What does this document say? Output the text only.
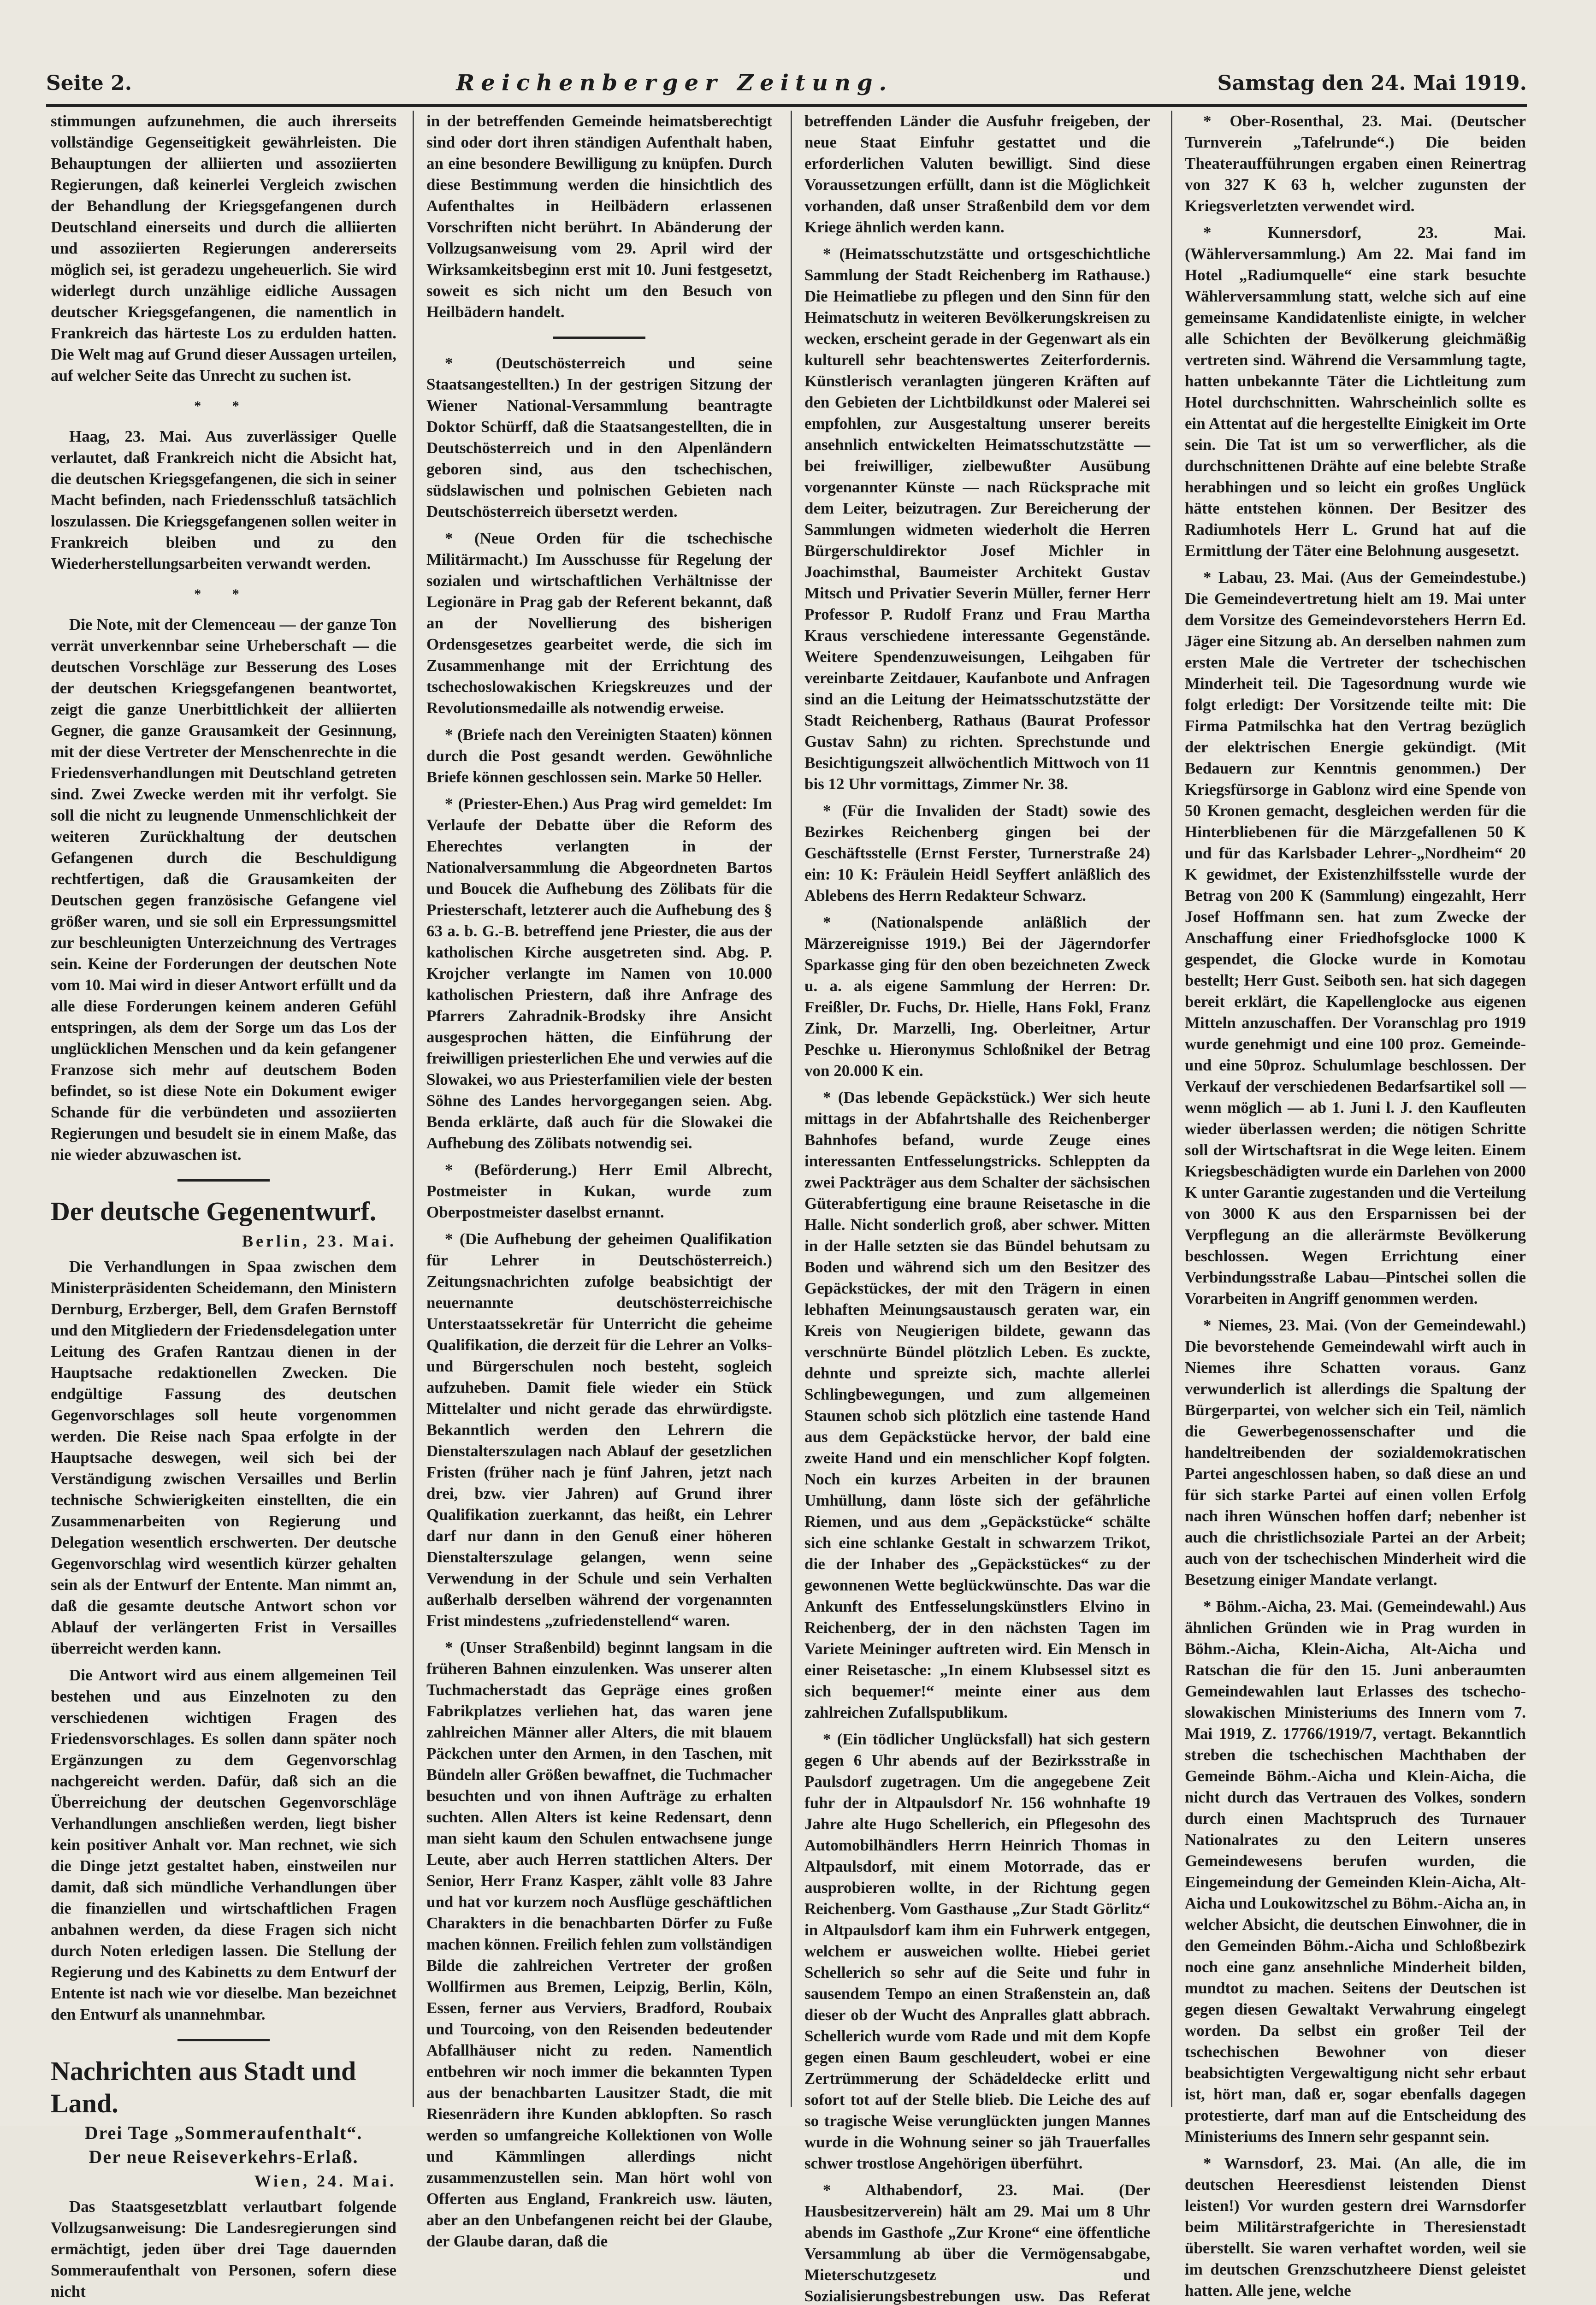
Seite 2.	Reichenberger Zeitung.	Samstag den 24. Mai 1919.

stimmungen aufzunehmen, die auch ihrerseits vollständige Gegenseitigkeit gewährleisten. Die Behauptungen der alliierten und assoziierten Regierungen, daß keinerlei Vergleich zwischen der Behandlung der Kriegsgefangenen durch Deutschland einerseits und durch die alliierten und assoziierten Regierungen andererseits möglich sei, ist geradezu ungeheuerlich. Sie wird widerlegt durch unzählige eidliche Aussagen deutscher Kriegsgefangenen, die namentlich in Frankreich das härteste Los zu erdulden hatten. Die Welt mag auf Grund dieser Aussagen urteilen, auf welcher Seite das Unrecht zu suchen ist.

* *

Haag, 23. Mai. Aus zuverlässiger Quelle verlautet, daß Frankreich nicht die Absicht hat, die deutschen Kriegsgefangenen, die sich in seiner Macht befinden, nach Friedensschluß tatsächlich loszulassen. Die Kriegsgefangenen sollen weiter in Frankreich bleiben und zu den Wiederherstellungsarbeiten verwandt werden.

* *

Die Note, mit der Clemenceau — der ganze Ton verrät unverkennbar seine Urheberschaft — die deutschen Vorschläge zur Besserung des Loses der deutschen Kriegsgefangenen beantwortet, zeigt die ganze Unerbittlichkeit der alliierten Gegner, die ganze Grausamkeit der Gesinnung, mit der diese Vertreter der Menschenrechte in die Friedensverhandlungen mit Deutschland getreten sind. Zwei Zwecke werden mit ihr verfolgt. Sie soll die nicht zu leugnende Unmenschlichkeit der weiteren Zurückhaltung der deutschen Gefangenen durch die Beschuldigung rechtfertigen, daß die Grausamkeiten der Deutschen gegen französische Gefangene viel größer waren, und sie soll ein Erpressungsmittel zur beschleunigten Unterzeichnung des Vertrages sein. Keine der Forderungen der deutschen Note vom 10. Mai wird in dieser Antwort erfüllt und da alle diese Forderungen keinem anderen Gefühl entspringen, als dem der Sorge um das Los der unglücklichen Menschen und da kein gefangener Franzose sich mehr auf deutschem Boden befindet, so ist diese Note ein Dokument ewiger Schande für die verbündeten und assoziierten Regierungen und besudelt sie in einem Maße, das nie wieder abzuwaschen ist.

Der deutsche Gegenentwurf.
Berlin, 23. Mai.

Die Verhandlungen in Spaa zwischen dem Ministerpräsidenten Scheidemann, den Ministern Dernburg, Erzberger, Bell, dem Grafen Bernstoff und den Mitgliedern der Friedensdelegation unter Leitung des Grafen Rantzau dienen in der Hauptsache redaktionellen Zwecken. Die endgültige Fassung des deutschen Gegenvorschlages soll heute vorgenommen werden. Die Reise nach Spaa erfolgte in der Hauptsache deswegen, weil sich bei der Verständigung zwischen Versailles und Berlin technische Schwierigkeiten einstellten, die ein Zusammenarbeiten von Regierung und Delegation wesentlich erschwerten. Der deutsche Gegenvorschlag wird wesentlich kürzer gehalten sein als der Entwurf der Entente. Man nimmt an, daß die gesamte deutsche Antwort schon vor Ablauf der verlängerten Frist in Versailles überreicht werden kann.

Die Antwort wird aus einem allgemeinen Teil bestehen und aus Einzelnoten zu den verschiedenen wichtigen Fragen des Friedensvorschlages. Es sollen dann später noch Ergänzungen zu dem Gegenvorschlag nachgereicht werden. Dafür, daß sich an die Überreichung der deutschen Gegenvorschläge Verhandlungen anschließen werden, liegt bisher kein positiver Anhalt vor. Man rechnet, wie sich die Dinge jetzt gestaltet haben, einstweilen nur damit, daß sich mündliche Verhandlungen über die finanziellen und wirtschaftlichen Fragen anbahnen werden, da diese Fragen sich nicht durch Noten erledigen lassen. Die Stellung der Regierung und des Kabinetts zu dem Entwurf der Entente ist nach wie vor dieselbe. Man bezeichnet den Entwurf als unannehmbar.

Nachrichten aus Stadt und Land.
Drei Tage „Sommeraufenthalt“.
Der neue Reiseverkehrs-Erlaß.
Wien, 24. Mai.

Das Staatsgesetzblatt verlautbart folgende Vollzugsanweisung: Die Landesregierungen sind ermächtigt, jeden über drei Tage dauernden Sommeraufenthalt von Personen, sofern diese nicht

in der betreffenden Gemeinde heimatsberechtigt sind oder dort ihren ständigen Aufenthalt haben, an eine besondere Bewilligung zu knüpfen. Durch diese Bestimmung werden die hinsichtlich des Aufenthaltes in Heilbädern erlassenen Vorschriften nicht berührt. In Abänderung der Vollzugsanweisung vom 29. April wird der Wirksamkeitsbeginn erst mit 10. Juni festgesetzt, soweit es sich nicht um den Besuch von Heilbädern handelt.

* (Deutschösterreich und seine Staatsangestellten.) In der gestrigen Sitzung der Wiener National-Versammlung beantragte Doktor Schürff, daß die Staatsangestellten, die in Deutschösterreich und in den Alpenländern geboren sind, aus den tschechischen, südslawischen und polnischen Gebieten nach Deutschösterreich übersetzt werden.

* (Neue Orden für die tschechische Militärmacht.) Im Ausschusse für Regelung der sozialen und wirtschaftlichen Verhältnisse der Legionäre in Prag gab der Referent bekannt, daß an der Novellierung des bisherigen Ordensgesetzes gearbeitet werde, die sich im Zusammenhange mit der Errichtung des tschechoslowakischen Kriegskreuzes und der Revolutionsmedaille als notwendig erweise.

* (Briefe nach den Vereinigten Staaten) können durch die Post gesandt werden. Gewöhnliche Briefe können geschlossen sein. Marke 50 Heller.

* (Priester-Ehen.) Aus Prag wird gemeldet: Im Verlaufe der Debatte über die Reform des Eherechtes verlangten in der Nationalversammlung die Abgeordneten Bartos und Boucek die Aufhebung des Zölibats für die Priesterschaft, letzterer auch die Aufhebung des § 63 a. b. G.-B. betreffend jene Priester, die aus der katholischen Kirche ausgetreten sind. Abg. P. Krojcher verlangte im Namen von 10.000 katholischen Priestern, daß ihre Anfrage des Pfarrers Zahradnik-Brodsky ihre Ansicht ausgesprochen hätten, die Einführung der freiwilligen priesterlichen Ehe und verwies auf die Slowakei, wo aus Priesterfamilien viele der besten Söhne des Landes hervorgegangen seien. Abg. Benda erklärte, daß auch für die Slowakei die Aufhebung des Zölibats notwendig sei.

* (Beförderung.) Herr Emil Albrecht, Postmeister in Kukan, wurde zum Oberpostmeister daselbst ernannt.

* (Die Aufhebung der geheimen Qualifikation für Lehrer in Deutschösterreich.) Zeitungsnachrichten zufolge beabsichtigt der neuernannte deutschösterreichische Unterstaatssekretär für Unterricht die geheime Qualifikation, die derzeit für die Lehrer an Volks- und Bürgerschulen noch besteht, sogleich aufzuheben. Damit fiele wieder ein Stück Mittelalter und nicht gerade das ehrwürdigste. Bekanntlich werden den Lehrern die Dienstalterszulagen nach Ablauf der gesetzlichen Fristen (früher nach je fünf Jahren, jetzt nach drei, bzw. vier Jahren) auf Grund ihrer Qualifikation zuerkannt, das heißt, ein Lehrer darf nur dann in den Genuß einer höheren Dienstalterszulage gelangen, wenn seine Verwendung in der Schule und sein Verhalten außerhalb derselben während der vorgenannten Frist mindestens „zufriedenstellend“ waren.

* (Unser Straßenbild) beginnt langsam in die früheren Bahnen einzulenken. Was unserer alten Tuchmacherstadt das Gepräge eines großen Fabrikplatzes verliehen hat, das waren jene zahlreichen Männer aller Alters, die mit blauem Päckchen unter den Armen, in den Taschen, mit Bündeln aller Größen bewaffnet, die Tuchmacher besuchten und von ihnen Aufträge zu erhalten suchten. Allen Alters ist keine Redensart, denn man sieht kaum den Schulen entwachsene junge Leute, aber auch Herren stattlichen Alters. Der Senior, Herr Franz Kasper, zählt volle 83 Jahre und hat vor kurzem noch Ausflüge geschäftlichen Charakters in die benachbarten Dörfer zu Fuße machen können. Freilich fehlen zum vollständigen Bilde die zahlreichen Vertreter der großen Wollfirmen aus Bremen, Leipzig, Berlin, Köln, Essen, ferner aus Verviers, Bradford, Roubaix und Tourcoing, von den Reisenden bedeutender Abfallhäuser nicht zu reden. Namentlich entbehren wir noch immer die bekannten Typen aus der benachbarten Lausitzer Stadt, die mit Riesenrädern ihre Kunden abklopften. So rasch werden so umfangreiche Kollektionen von Wolle und Kämmlingen allerdings nicht zusammenzustellen sein. Man hört wohl von Offerten aus England, Frankreich usw. läuten, aber an den Unbefangenen reicht bei der Glaube, der Glaube daran, daß die

betreffenden Länder die Ausfuhr freigeben, der neue Staat Einfuhr gestattet und die erforderlichen Valuten bewilligt. Sind diese Voraussetzungen erfüllt, dann ist die Möglichkeit vorhanden, daß unser Straßenbild dem vor dem Kriege ähnlich werden kann.

* (Heimatsschutzstätte und ortsgeschichtliche Sammlung der Stadt Reichenberg im Rathause.) Die Heimatliebe zu pflegen und den Sinn für den Heimatschutz in weiteren Bevölkerungskreisen zu wecken, erscheint gerade in der Gegenwart als ein kulturell sehr beachtenswertes Zeiterfordernis. Künstlerisch veranlagten jüngeren Kräften auf den Gebieten der Lichtbildkunst oder Malerei sei empfohlen, zur Ausgestaltung unserer bereits ansehnlich entwickelten Heimatsschutzstätte — bei freiwilliger, zielbewußter Ausübung vorgenannter Künste — nach Rücksprache mit dem Leiter, beizutragen. Zur Bereicherung der Sammlungen widmeten wiederholt die Herren Bürgerschuldirektor Josef Michler in Joachimsthal, Baumeister Architekt Gustav Mitsch und Privatier Severin Müller, ferner Herr Professor P. Rudolf Franz und Frau Martha Kraus verschiedene interessante Gegenstände. Weitere Spendenzuweisungen, Leihgaben für vereinbarte Zeitdauer, Kaufanbote und Anfragen sind an die Leitung der Heimatsschutzstätte der Stadt Reichenberg, Rathaus (Baurat Professor Gustav Sahn) zu richten. Sprechstunde und Besichtigungszeit allwöchentlich Mittwoch von 11 bis 12 Uhr vormittags, Zimmer Nr. 38.

* (Für die Invaliden der Stadt) sowie des Bezirkes Reichenberg gingen bei der Geschäftsstelle (Ernst Ferster, Turnerstraße 24) ein: 10 K: Fräulein Heidl Seyffert anläßlich des Ablebens des Herrn Redakteur Schwarz.

* (Nationalspende anläßlich der Märzereignisse 1919.) Bei der Jägerndorfer Sparkasse ging für den oben bezeichneten Zweck u. a. als eigene Sammlung der Herren: Dr. Freißler, Dr. Fuchs, Dr. Hielle, Hans Fokl, Franz Zink, Dr. Marzelli, Ing. Oberleitner, Artur Peschke u. Hieronymus Schloßnikel der Betrag von 20.000 K ein.

* (Das lebende Gepäckstück.) Wer sich heute mittags in der Abfahrtshalle des Reichenberger Bahnhofes befand, wurde Zeuge eines interessanten Entfesselungstricks. Schleppten da zwei Packträger aus dem Schalter der sächsischen Güterabfertigung eine braune Reisetasche in die Halle. Nicht sonderlich groß, aber schwer. Mitten in der Halle setzten sie das Bündel behutsam zu Boden und während sich um den Besitzer des Gepäckstückes, der mit den Trägern in einen lebhaften Meinungsaustausch geraten war, ein Kreis von Neugierigen bildete, gewann das verschnürte Bündel plötzlich Leben. Es zuckte, dehnte und spreizte sich, machte allerlei Schlingbewegungen, und zum allgemeinen Staunen schob sich plötzlich eine tastende Hand aus dem Gepäckstücke hervor, der bald eine zweite Hand und ein menschlicher Kopf folgten. Noch ein kurzes Arbeiten in der braunen Umhüllung, dann löste sich der gefährliche Riemen, und aus dem „Gepäckstücke“ schälte sich eine schlanke Gestalt in schwarzem Trikot, die der Inhaber des „Gepäckstückes“ zu der gewonnenen Wette beglückwünschte. Das war die Ankunft des Entfesselungskünstlers Elvino in Reichenberg, der in den nächsten Tagen im Variete Meininger auftreten wird. Ein Mensch in einer Reisetasche: „In einem Klubsessel sitzt es sich bequemer!“ meinte einer aus dem zahlreichen Zufallspublikum.

* (Ein tödlicher Unglücksfall) hat sich gestern gegen 6 Uhr abends auf der Bezirksstraße in Paulsdorf zugetragen. Um die angegebene Zeit fuhr der in Altpaulsdorf Nr. 156 wohnhafte 19 Jahre alte Hugo Schellerich, ein Pflegesohn des Automobilhändlers Herrn Heinrich Thomas in Altpaulsdorf, mit einem Motorrade, das er ausprobieren wollte, in der Richtung gegen Reichenberg. Vom Gasthause „Zur Stadt Görlitz“ in Altpaulsdorf kam ihm ein Fuhrwerk entgegen, welchem er ausweichen wollte. Hiebei geriet Schellerich so sehr auf die Seite und fuhr in sausendem Tempo an einen Straßenstein an, daß dieser ob der Wucht des Anpralles glatt abbrach. Schellerich wurde vom Rade und mit dem Kopfe gegen einen Baum geschleudert, wobei er eine Zertrümmerung der Schädeldecke erlitt und sofort tot auf der Stelle blieb. Die Leiche des auf so tragische Weise verunglückten jungen Mannes wurde in die Wohnung seiner so jäh Trauerfalles schwer trostlose Angehörigen überführt.

* Althabendorf, 23. Mai. (Der Hausbesitzerverein) hält am 29. Mai um 8 Uhr abends im Gasthofe „Zur Krone“ eine öffentliche Versammlung ab über die Vermögensabgabe, Mieterschutzgesetz und Sozialisierungsbestrebungen usw. Das Referat

* Ober-Rosenthal, 23. Mai. (Deutscher Turnverein „Tafelrunde“.) Die beiden Theateraufführungen ergaben einen Reinertrag von 327 K 63 h, welcher zugunsten der Kriegsverletzten verwendet wird.

* Kunnersdorf, 23. Mai. (Wählerversammlung.) Am 22. Mai fand im Hotel „Radiumquelle“ eine stark besuchte Wählerversammlung statt, welche sich auf eine gemeinsame Kandidatenliste einigte, in welcher alle Schichten der Bevölkerung gleichmäßig vertreten sind. Während die Versammlung tagte, hatten unbekannte Täter die Lichtleitung zum Hotel durchschnitten. Wahrscheinlich sollte es ein Attentat auf die hergestellte Einigkeit im Orte sein. Die Tat ist um so verwerflicher, als die durchschnittenen Drähte auf eine belebte Straße herabhingen und so leicht ein großes Unglück hätte entstehen können. Der Besitzer des Radiumhotels Herr L. Grund hat auf die Ermittlung der Täter eine Belohnung ausgesetzt.

* Labau, 23. Mai. (Aus der Gemeindestube.) Die Gemeindevertretung hielt am 19. Mai unter dem Vorsitze des Gemeindevorstehers Herrn Ed. Jäger eine Sitzung ab. An derselben nahmen zum ersten Male die Vertreter der tschechischen Minderheit teil. Die Tagesordnung wurde wie folgt erledigt: Der Vorsitzende teilte mit: Die Firma Patmilschka hat den Vertrag bezüglich der elektrischen Energie gekündigt. (Mit Bedauern zur Kenntnis genommen.) Der Kriegsfürsorge in Gablonz wird eine Spende von 50 Kronen gemacht, desgleichen werden für die Hinterbliebenen für die Märzgefallenen 50 K und für das Karlsbader Lehrer-„Nordheim“ 20 K gewidmet, der Existenzhilfsstelle wurde der Betrag von 200 K (Sammlung) eingezahlt, Herr Josef Hoffmann sen. hat zum Zwecke der Anschaffung einer Friedhofsglocke 1000 K gespendet, die Glocke wurde in Komotau bestellt; Herr Gust. Seiboth sen. hat sich dagegen bereit erklärt, die Kapellenglocke aus eigenen Mitteln anzuschaffen. Der Voranschlag pro 1919 wurde genehmigt und eine 100 proz. Gemeinde- und eine 50proz. Schulumlage beschlossen. Der Verkauf der verschiedenen Bedarfsartikel soll — wenn möglich — ab 1. Juni l. J. den Kaufleuten wieder überlassen werden; die nötigen Schritte soll der Wirtschaftsrat in die Wege leiten. Einem Kriegsbeschädigten wurde ein Darlehen von 2000 K unter Garantie zugestanden und die Verteilung von 3000 K aus den Ersparnissen bei der Verpflegung an die allerärmste Bevölkerung beschlossen. Wegen Errichtung einer Verbindungsstraße Labau—Pintschei sollen die Vorarbeiten in Angriff genommen werden.

* Niemes, 23. Mai. (Von der Gemeindewahl.) Die bevorstehende Gemeindewahl wirft auch in Niemes ihre Schatten voraus. Ganz verwunderlich ist allerdings die Spaltung der Bürgerpartei, von welcher sich ein Teil, nämlich die Gewerbegenossenschafter und die handeltreibenden der sozialdemokratischen Partei angeschlossen haben, so daß diese an und für sich starke Partei auf einen vollen Erfolg nach ihren Wünschen hoffen darf; nebenher ist auch die christlichsoziale Partei an der Arbeit; auch von der tschechischen Minderheit wird die Besetzung einiger Mandate verlangt.

* Böhm.-Aicha, 23. Mai. (Gemeindewahl.) Aus ähnlichen Gründen wie in Prag wurden in Böhm.-Aicha, Klein-Aicha, Alt-Aicha und Ratschan die für den 15. Juni anberaumten Gemeindewahlen laut Erlasses des tschecho-slowakischen Ministeriums des Innern vom 7. Mai 1919, Z. 17766/1919/7, vertagt. Bekanntlich streben die tschechischen Machthaben der Gemeinde Böhm.-Aicha und Klein-Aicha, die nicht durch das Vertrauen des Volkes, sondern durch einen Machtspruch des Turnauer Nationalrates zu den Leitern unseres Gemeindewesens berufen wurden, die Eingemeindung der Gemeinden Klein-Aicha, Alt-Aicha und Loukowitzschel zu Böhm.-Aicha an, in welcher Absicht, die deutschen Einwohner, die in den Gemeinden Böhm.-Aicha und Schloßbezirk noch eine ganz ansehnliche Minderheit bilden, mundtot zu machen. Seitens der Deutschen ist gegen diesen Gewaltakt Verwahrung eingelegt worden. Da selbst ein großer Teil der tschechischen Bewohner von dieser beabsichtigten Vergewaltigung nicht sehr erbaut ist, hört man, daß er, sogar ebenfalls dagegen protestierte, darf man auf die Entscheidung des Ministeriums des Innern sehr gespannt sein.

* Warnsdorf, 23. Mai. (An alle, die im deutschen Heeresdienst leistenden Dienst leisten!) Vor wurden gestern drei Warnsdorfer beim Militärstrafgerichte in Theresienstadt überstellt. Sie waren verhaftet worden, weil sie im deutschen Grenzschutzheere Dienst geleistet hatten. Alle jene, welche
